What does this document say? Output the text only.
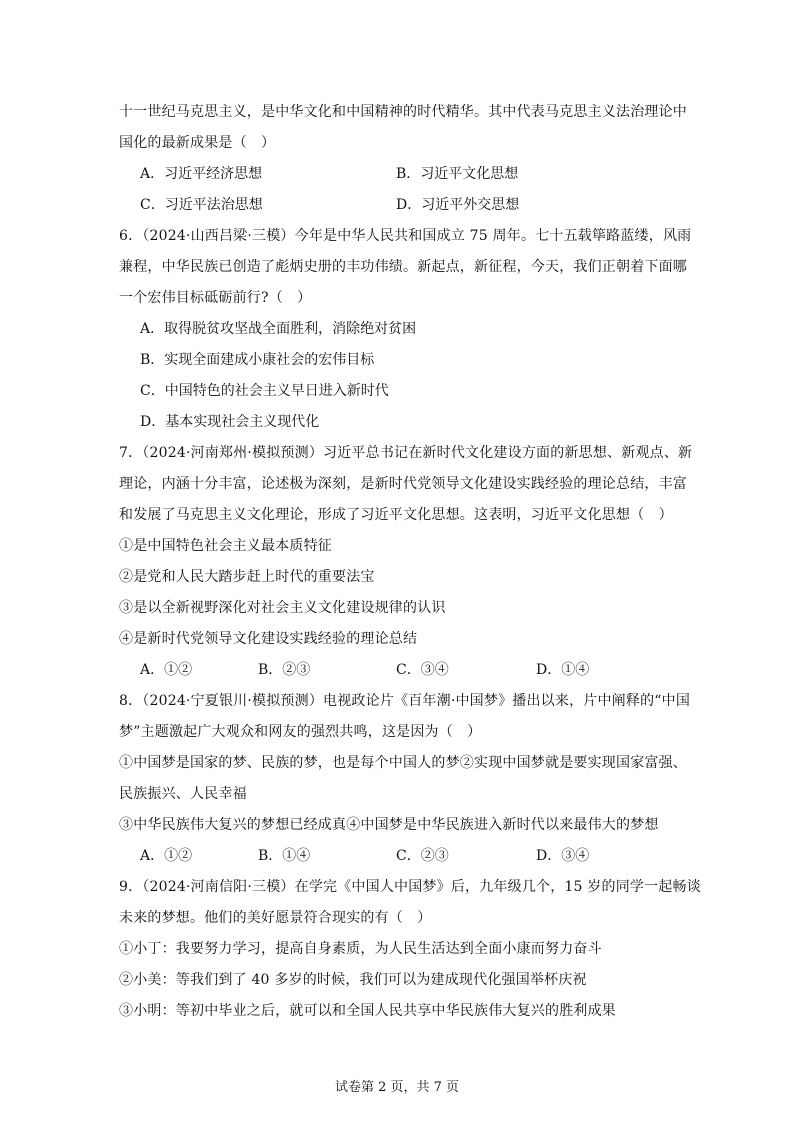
十一世纪马克思主义，是中华文化和中国精神的时代精华。其中代表马克思主义法治理论中
国化的最新成果是（　）
A．习近平经济思想	B．习近平文化思想
C．习近平法治思想	D．习近平外交思想
6．（2024·山西吕梁·三模）今年是中华人民共和国成立 75 周年。七十五载筚路蓝缕，风雨
兼程，中华民族已创造了彪炳史册的丰功伟绩。新起点，新征程，今天，我们正朝着下面哪
一个宏伟目标砥砺前行?（　）
A．取得脱贫攻坚战全面胜利，消除绝对贫困
B．实现全面建成小康社会的宏伟目标
C．中国特色的社会主义早日进入新时代
D．基本实现社会主义现代化
7．（2024·河南郑州·模拟预测）习近平总书记在新时代文化建设方面的新思想、新观点、新
理论，内涵十分丰富，论述极为深刻，是新时代党领导文化建设实践经验的理论总结，丰富
和发展了马克思主义文化理论，形成了习近平文化思想。这表明，习近平文化思想（　）
①是中国特色社会主义最本质特征
②是党和人民大踏步赶上时代的重要法宝
③是以全新视野深化对社会主义文化建设规律的认识
④是新时代党领导文化建设实践经验的理论总结
A．①②	B．②③	C．③④	D．①④
8．（2024·宁夏银川·模拟预测）电视政论片《百年潮·中国梦》播出以来，片中阐释的“中国
梦”主题激起广大观众和网友的强烈共鸣，这是因为（　）
①中国梦是国家的梦、民族的梦，也是每个中国人的梦②实现中国梦就是要实现国家富强、
民族振兴、人民幸福
③中华民族伟大复兴的梦想已经成真④中国梦是中华民族进入新时代以来最伟大的梦想
A．①②	B．①④	C．②③	D．③④
9．（2024·河南信阳·三模）在学完《中国人中国梦》后，九年级几个，15 岁的同学一起畅谈
未来的梦想。他们的美好愿景符合现实的有（　）
①小丁：我要努力学习，提高自身素质，为人民生活达到全面小康而努力奋斗
②小美：等我们到了 40 多岁的时候，我们可以为建成现代化强国举杯庆祝
③小明：等初中毕业之后，就可以和全国人民共享中华民族伟大复兴的胜利成果
试卷第 2 页，共 7 页
